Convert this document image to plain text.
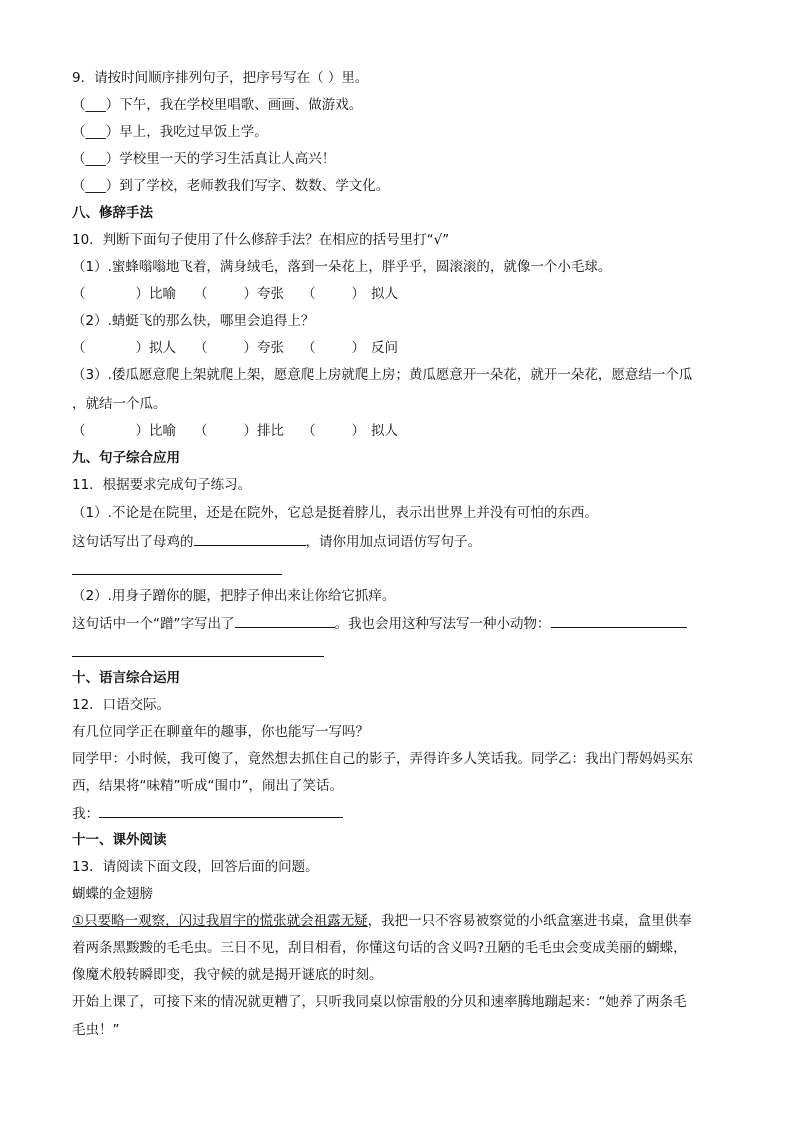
9．请按时间顺序排列句子，把序号写在（ ）里。
（___）下午，我在学校里唱歌、画画、做游戏。
（___）早上，我吃过早饭上学。
（___）学校里一天的学习生活真让人高兴！
（___）到了学校，老师教我们写字、数数、学文化。
八、修辞手法
10．判断下面句子使用了什么修辞手法？在相应的括号里打“√”
（1）.蜜蜂嗡嗡地飞着，满身绒毛，落到一朵花上，胖乎乎，圆滚滚的，就像一个小毛球。
（	）比喻 （	）夸张 （	） 拟人
（2）.蜻蜓飞的那么快，哪里会追得上？
（	）拟人 （	）夸张 （	） 反问
（3）.倭瓜愿意爬上架就爬上架，愿意爬上房就爬上房；黄瓜愿意开一朵花，就开一朵花，愿意结一个瓜
，就结一个瓜。
（	）比喻 （	）排比 （	） 拟人
九、句子综合应用
11．根据要求完成句子练习。
（1）.不论是在院里，还是在院外，它总是挺着脖儿，表示出世界上并没有可怕的东西。
这句话写出了母鸡的	，请你用加点词语仿写句子。
（2）.用身子蹭你的腿，把脖子伸出来让你给它抓痒。
这句话中一个“蹭”字写出了	。我也会用这种写法写一种小动物：
十、语言综合运用
12．口语交际。
有几位同学正在聊童年的趣事，你也能写一写吗？
同学甲：小时候，我可傻了，竟然想去抓住自己的影子，弄得许多人笑话我。同学乙：我出门帮妈妈买东
西，结果将“味精”听成“围巾”，闹出了笑话。
我：
十一、课外阅读
13．请阅读下面文段，回答后面的问题。
蝴蝶的金翅膀
①只要略一观察，闪过我眉宇的慌张就会祖露无疑，我把一只不容易被察觉的小纸盒塞进书桌，盒里供奉
着两条黑黢黢的毛毛虫。三日不见，刮目相看，你懂这句话的含义吗?丑陋的毛毛虫会变成美丽的蝴蝶，
像魔术般转瞬即变，我守候的就是揭开谜底的时刻。
开始上课了，可接下来的情况就更糟了，只听我同桌以惊雷般的分贝和速率腾地蹦起来：“她养了两条毛
毛虫！”
